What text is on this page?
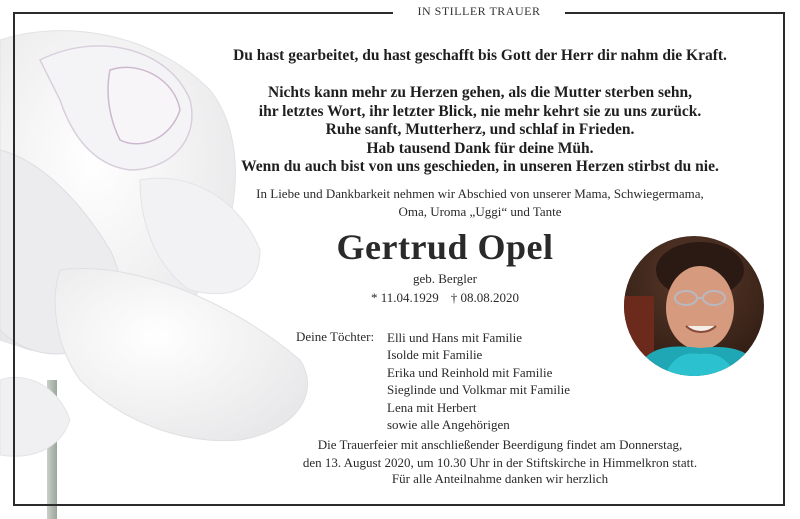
IN STILLER TRAUER
Du hast gearbeitet, du hast geschafft bis Gott der Herr dir nahm die Kraft.
Nichts kann mehr zu Herzen gehen, als die Mutter sterben sehn,
ihr letztes Wort, ihr letzter Blick, nie mehr kehrt sie zu uns zurück.
Ruhe sanft, Mutterherz, und schlaf in Frieden.
Hab tausend Dank für deine Müh.
Wenn du auch bist von uns geschieden, in unseren Herzen stirbst du nie.
In Liebe und Dankbarkeit nehmen wir Abschied von unserer Mama, Schwiegermama,
Oma, Uroma „Uggi“ und Tante
Gertrud Opel
geb. Bergler
* 11.04.1929 † 08.08.2020
Deine Töchter: Elli und Hans mit Familie
Isolde mit Familie
Erika und Reinhold mit Familie
Sieglinde und Volkmar mit Familie
Lena mit Herbert
sowie alle Angehörigen
Die Trauerfeier mit anschließender Beerdigung findet am Donnerstag,
den 13. August 2020, um 10.30 Uhr in der Stiftskirche in Himmelkron statt.
Für alle Anteilnahme danken wir herzlich
